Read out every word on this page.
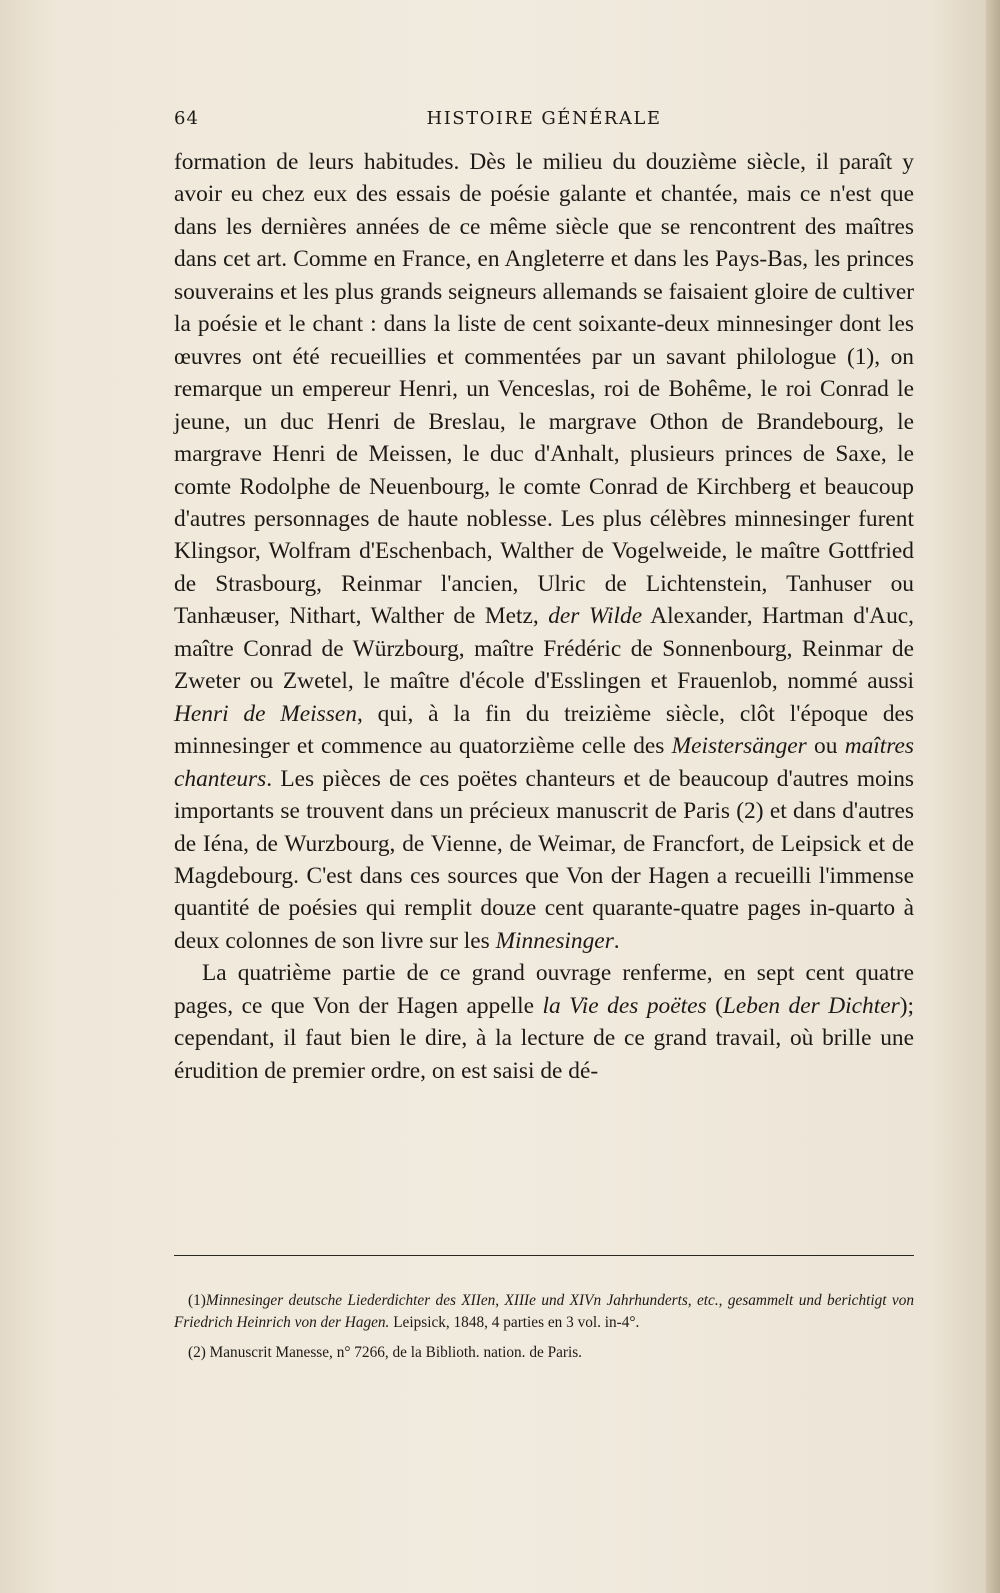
64	HISTOIRE GÉNÉRALE

formation de leurs habitudes. Dès le milieu du douzième siècle, il paraît y avoir eu chez eux des essais de poésie galante et chantée, mais ce n'est que dans les dernières années de ce même siècle que se rencontrent des maîtres dans cet art. Comme en France, en Angleterre et dans les Pays-Bas, les princes souverains et les plus grands seigneurs allemands se faisaient gloire de cultiver la poésie et le chant : dans la liste de cent soixante-deux minnesinger dont les œuvres ont été recueillies et commentées par un savant philologue (1), on remarque un empereur Henri, un Venceslas, roi de Bohême, le roi Conrad le jeune, un duc Henri de Breslau, le margrave Othon de Brandebourg, le margrave Henri de Meissen, le duc d'Anhalt, plusieurs princes de Saxe, le comte Rodolphe de Neuenbourg, le comte Conrad de Kirchberg et beaucoup d'autres personnages de haute noblesse. Les plus célèbres minnesinger furent Klingsor, Wolfram d'Eschenbach, Walther de Vogelweide, le maître Gottfried de Strasbourg, Reinmar l'ancien, Ulric de Lichtenstein, Tanhuser ou Tanhæuser, Nithart, Walther de Metz, der Wilde Alexander, Hartman d'Auc, maître Conrad de Würzbourg, maître Frédéric de Sonnenbourg, Reinmar de Zweter ou Zwetel, le maître d'école d'Esslingen et Frauenlob, nommé aussi Henri de Meissen, qui, à la fin du treizième siècle, clôt l'époque des minnesinger et commence au quatorzième celle des Meistersänger ou maîtres chanteurs. Les pièces de ces poëtes chanteurs et de beaucoup d'autres moins importants se trouvent dans un précieux manuscrit de Paris (2) et dans d'autres de Iéna, de Wurzbourg, de Vienne, de Weimar, de Francfort, de Leipsick et de Magdebourg. C'est dans ces sources que Von der Hagen a recueilli l'immense quantité de poésies qui remplit douze cent quarante-quatre pages in-quarto à deux colonnes de son livre sur les Minnesinger.

La quatrième partie de ce grand ouvrage renferme, en sept cent quatre pages, ce que Von der Hagen appelle la Vie des poëtes (Leben der Dichter); cependant, il faut bien le dire, à la lecture de ce grand travail, où brille une érudition de premier ordre, on est saisi de dé-

(1)Minnesinger deutsche Liederdichter des XIIen, XIIIe und XIVn Jahrhunderts, etc., gesammelt und berichtigt von Friedrich Heinrich von der Hagen. Leipsick, 1848, 4 parties en 3 vol. in-4°.

(2) Manuscrit Manesse, n° 7266, de la Biblioth. nation. de Paris.
